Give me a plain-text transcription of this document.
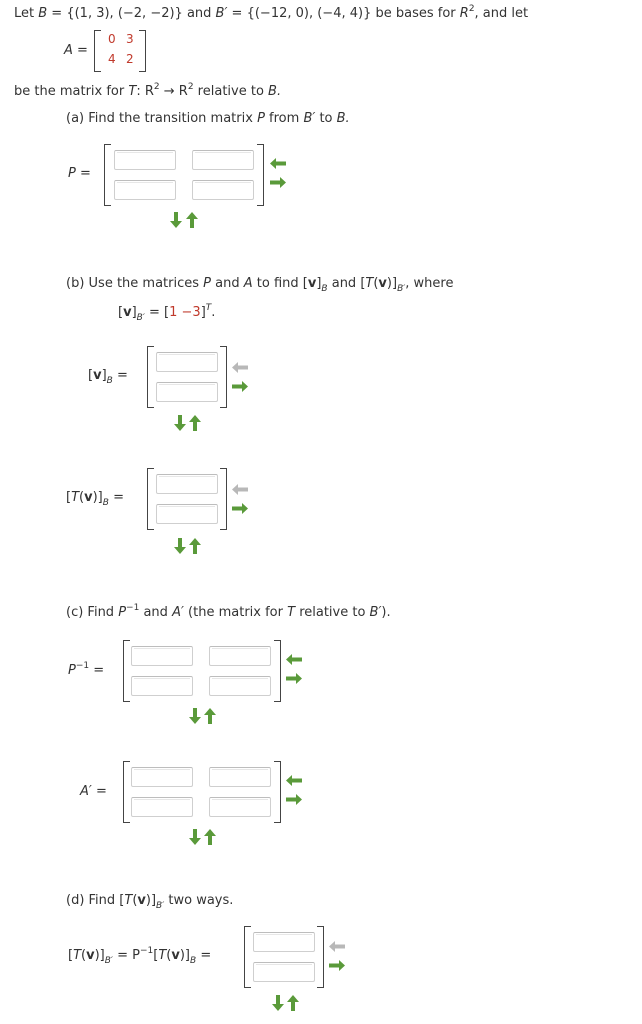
Let B = {(1, 3), (−2, −2)} and B′ = {(−12, 0), (−4, 4)} be bases for $R^2$, and let
A =
0 3
4 2
be the matrix for T: $R^2 \to R^2$ relative to B.
(a) Find the transition matrix P from B′ to B.
P =
(b) Use the matrices P and A to find $[v]_B$ and $[T(v)]_{B'}$, where
$[v]_{B'} = [1 -3]^T$.
$[v]_B$ =
$[T(v)]_B$ =
(c) Find $P^{-1}$ and A′ (the matrix for T relative to B′).
$P^{-1}$ =
A′ =
(d) Find $[T(v)]_{B'}$ two ways.
$[T(v)]_{B'} = P^{-1}[T(v)]_B$ =
